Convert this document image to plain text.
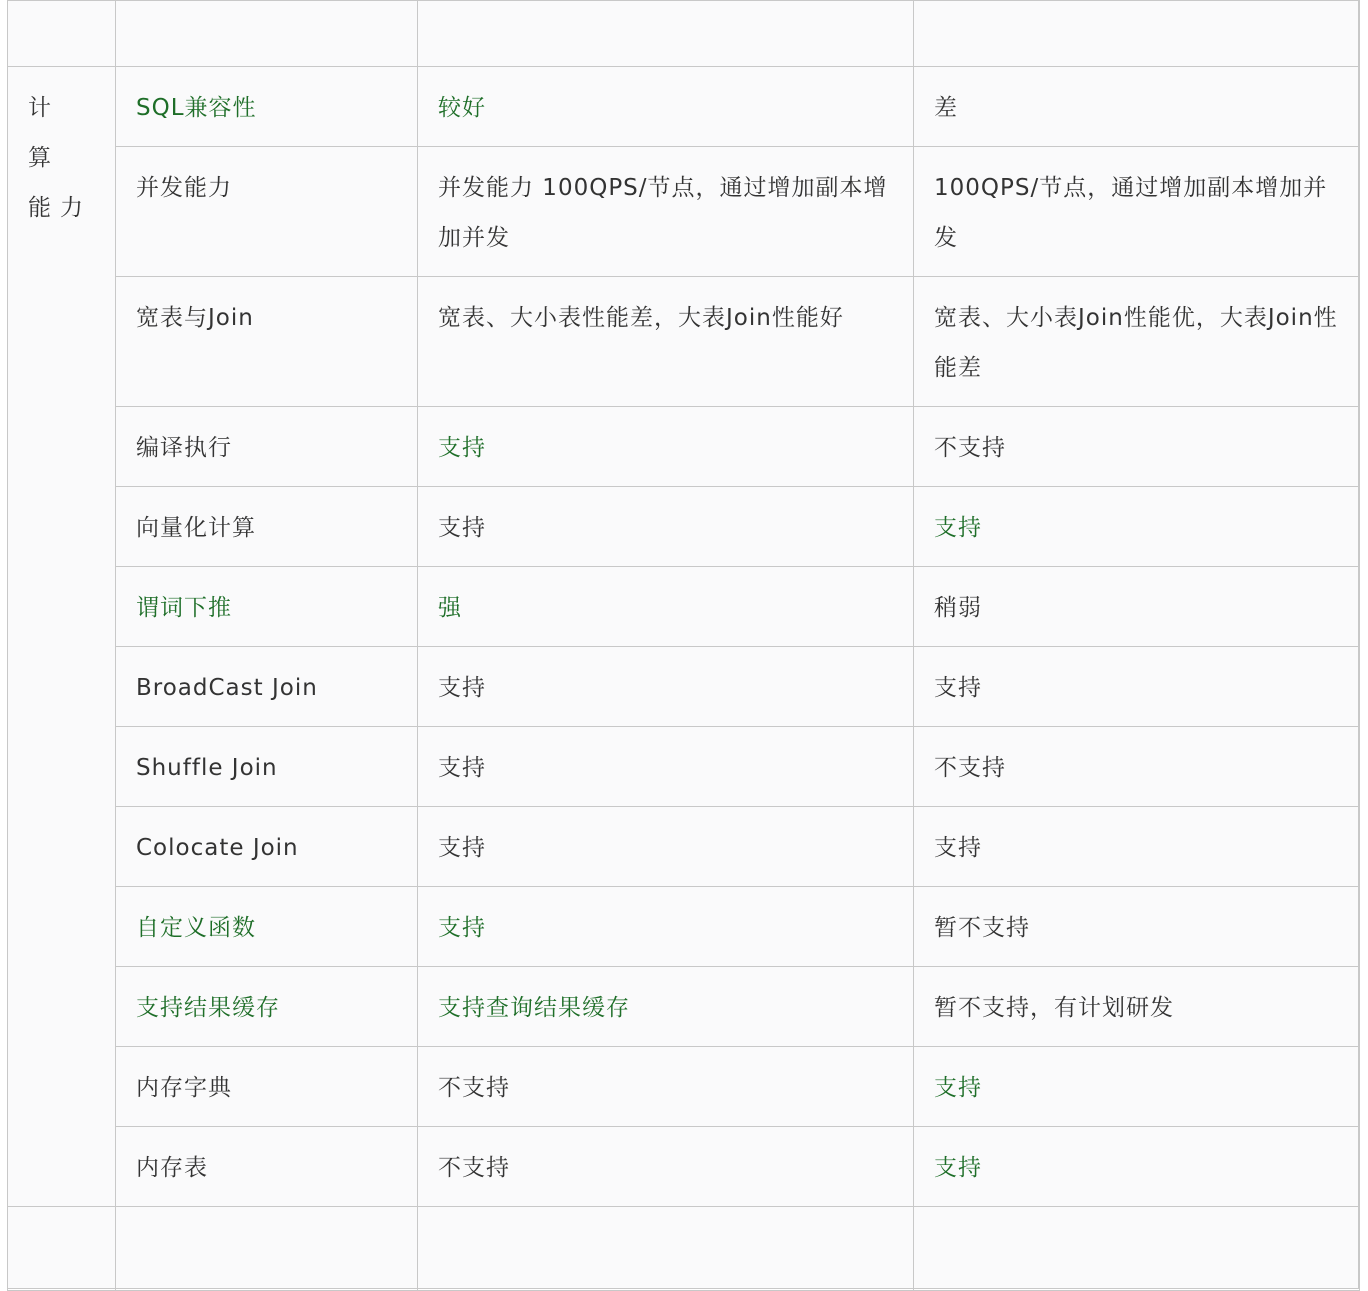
计 算 能力	SQL兼容性	较好	差
	并发能力	并发能力 100QPS/节点，通过增加副本增加并发	100QPS/节点，通过增加副本增加并发
	宽表与Join	宽表、大小表性能差，大表Join性能好	宽表、大小表Join性能优，大表Join性能差
	编译执行	支持	不支持
	向量化计算	支持	支持
	谓词下推	强	稍弱
	BroadCast Join	支持	支持
	Shuffle Join	支持	不支持
	Colocate Join	支持	支持
	自定义函数	支持	暂不支持
	支持结果缓存	支持查询结果缓存	暂不支持，有计划研发
	内存字典	不支持	支持
	内存表	不支持	支持
